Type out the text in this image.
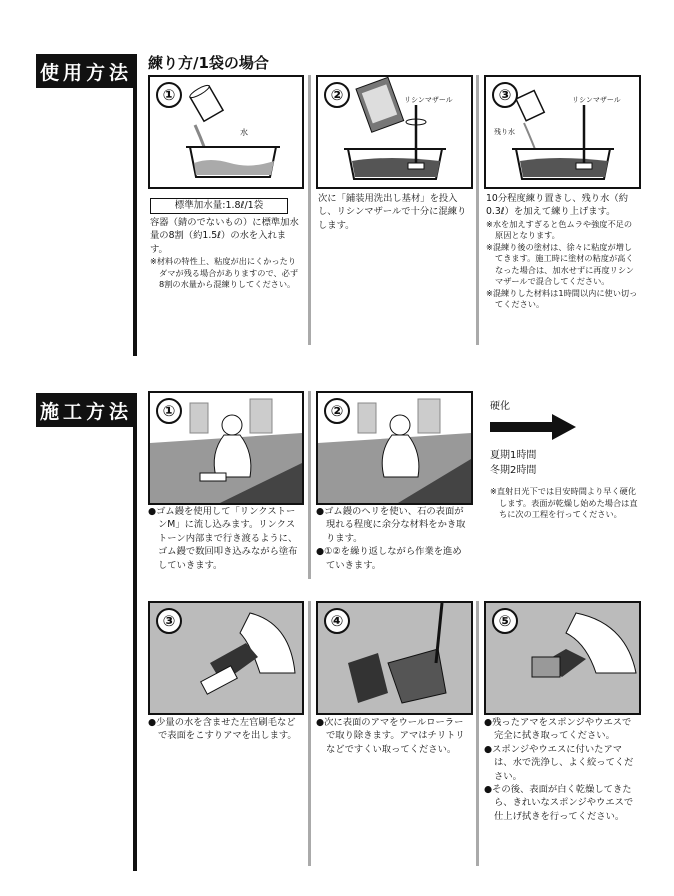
使用方法 練り方/1袋の場合
①
水
標準加水量:1.8ℓ/1袋

容器（錆のでないもの）に標準加水量の8割（約1.5ℓ）の水を入れます。

※材料の特性上、粘度が出にくかったりダマが残る場合がありますので、必ず8割の水量から混練りしてください。

②	リシンマザール

次に「鋪装用洗出し基材」を投入し、リシンマザールで十分に混練りします。

③	リシンマザール
残り水

10分程度練り置きし、残り水（約0.3ℓ）を加えて練り上げます。

※水を加えすぎると色ムラや強度不足の原因となります。

※混練り後の塗材は、徐々に粘度が増してきます。施工時に塗材の粘度が高くなった場合は、加水せずに再度リシンマザールで混合してください。

※混練りした材料は1時間以内に使い切ってください。

施工方法	①

●ゴム鏝を使用して「リンクストーンM」に流し込みます。リンクストーン内部まで行き渡るように、ゴム鏝で数回叩き込みながら塗布していきます。

②

●ゴム鏝のヘリを使い、石の表面が現れる程度に余分な材料をかき取ります。

●①②を繰り返しながら作業を進めていきます。

硬化
夏期1時間
冬期2時間

※直射日光下では目安時間より早く硬化します。表面が乾燥し始めた場合は直ちに次の工程を行ってください。

③

●少量の水を含ませた左官刷毛などで表面をこすりアマを出します。

④

●次に表面のアマをウールローラーで取り除きます。アマはチリトリなどですくい取ってください。

⑤

●残ったアマをスポンジやウエスで完全に拭き取ってください。

●スポンジやウエスに付いたアマは、水で洗浄し、よく絞ってください。

●その後、表面が白く乾燥してきたら、きれいなスポンジやウエスで仕上げ拭きを行ってください。
